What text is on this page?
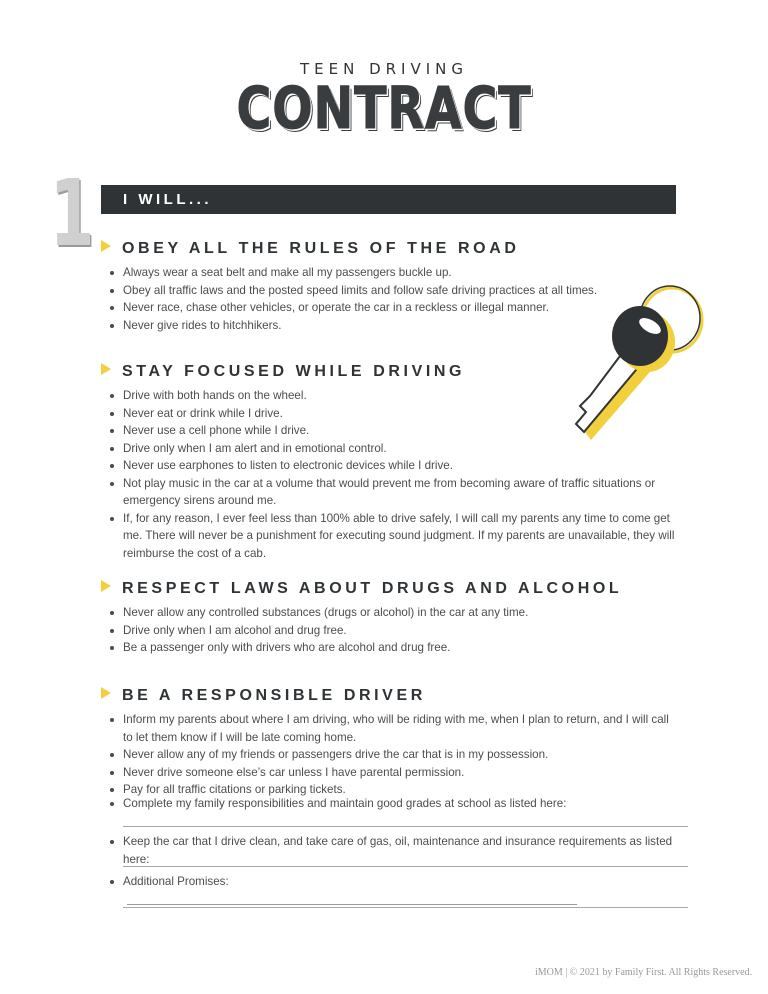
TEEN DRIVING
CONTRACT
1 I WILL...
OBEY ALL THE RULES OF THE ROAD
Always wear a seat belt and make all my passengers buckle up.
Obey all traffic laws and the posted speed limits and follow safe driving practices at all times.
Never race, chase other vehicles, or operate the car in a reckless or illegal manner.
Never give rides to hitchhikers.
STAY FOCUSED WHILE DRIVING
Drive with both hands on the wheel.
Never eat or drink while I drive.
Never use a cell phone while I drive.
Drive only when I am alert and in emotional control.
Never use earphones to listen to electronic devices while I drive.
Not play music in the car at a volume that would prevent me from becoming aware of traffic situations or emergency sirens around me.
If, for any reason, I ever feel less than 100% able to drive safely, I will call my parents any time to come get me. There will never be a punishment for executing sound judgment. If my parents are unavailable, they will reimburse the cost of a cab.
RESPECT LAWS ABOUT DRUGS AND ALCOHOL
Never allow any controlled substances (drugs or alcohol) in the car at any time.
Drive only when I am alcohol and drug free.
Be a passenger only with drivers who are alcohol and drug free.
BE A RESPONSIBLE DRIVER
Inform my parents about where I am driving, who will be riding with me, when I plan to return, and I will call to let them know if I will be late coming home.
Never allow any of my friends or passengers drive the car that is in my possession.
Never drive someone else’s car unless I have parental permission.
Pay for all traffic citations or parking tickets.
Complete my family responsibilities and maintain good grades at school as listed here:
Keep the car that I drive clean, and take care of gas, oil, maintenance and insurance requirements as listed here:
Additional Promises:
iMOM | © 2021 by Family First. All Rights Reserved.
